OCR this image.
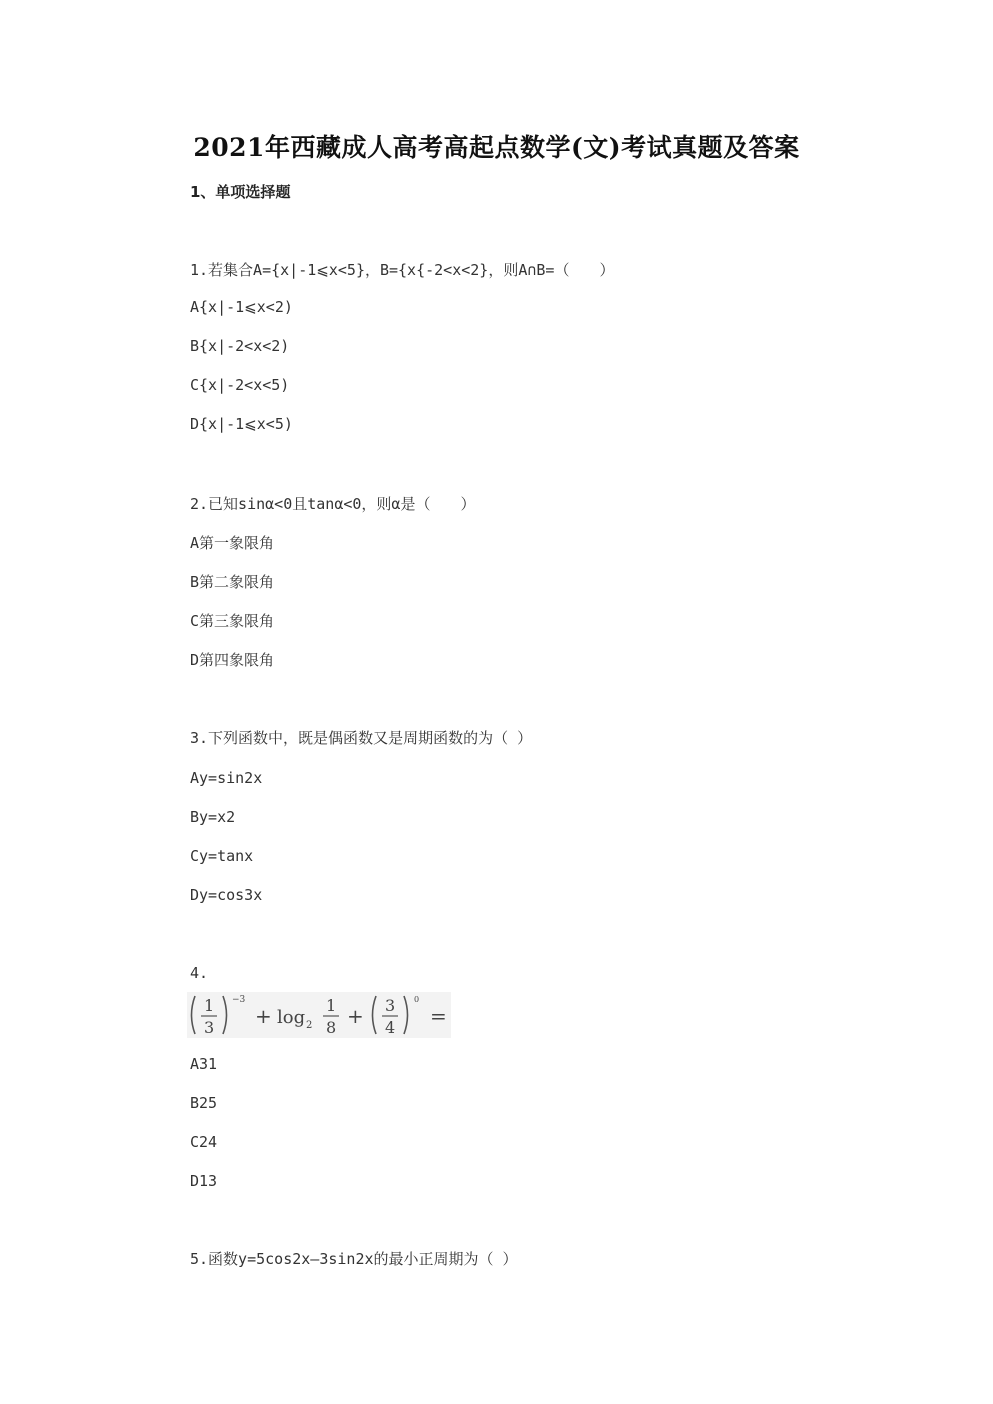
2021年西藏成人高考高起点数学(文)考试真题及答案
1、单项选择题
1.若集合A={x|-1⩽x<5}，B={x{-2<x<2}，则A∩B=（　　）
A{x|-1⩽x<2)
B{x|-2<x<2)
C{x|-2<x<5)
D{x|-1⩽x<5)
2.已知sinα<0且tanα<0，则α是（　　）
A第一象限角
B第二象限角
C第三象限角
D第四象限角
3.下列函数中，既是偶函数又是周期函数的为（ ）
Ay=sin2x
By=x2
Cy=tanx
Dy=cos3x
4.
1
3
−3
+ log 2
1
8 + 3
4
0
=
A31
B25
C24
D13
5.函数y=5cos2x—3sin2x的最小正周期为（ ）
